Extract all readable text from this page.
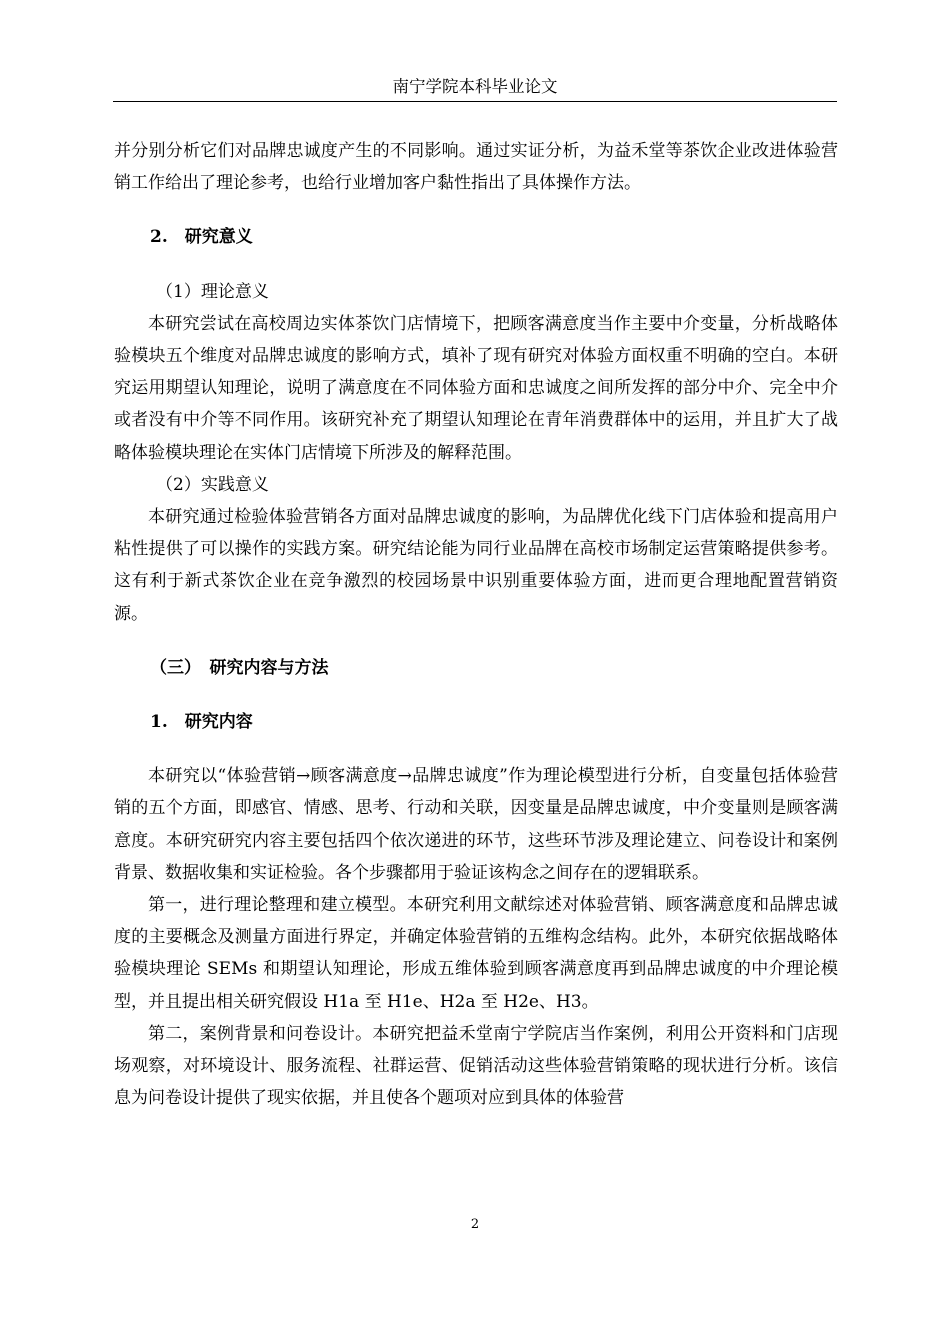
南宁学院本科毕业论文

并分别分析它们对品牌忠诚度产生的不同影响。通过实证分析，为益禾堂等茶饮企业改进体验营销工作给出了理论参考，也给行业增加客户黏性指出了具体操作方法。

2.　研究意义

（1）理论意义

本研究尝试在高校周边实体茶饮门店情境下，把顾客满意度当作主要中介变量，分析战略体验模块五个维度对品牌忠诚度的影响方式，填补了现有研究对体验方面权重不明确的空白。本研究运用期望认知理论，说明了满意度在不同体验方面和忠诚度之间所发挥的部分中介、完全中介或者没有中介等不同作用。该研究补充了期望认知理论在青年消费群体中的运用，并且扩大了战略体验模块理论在实体门店情境下所涉及的解释范围。

（2）实践意义

本研究通过检验体验营销各方面对品牌忠诚度的影响，为品牌优化线下门店体验和提高用户粘性提供了可以操作的实践方案。研究结论能为同行业品牌在高校市场制定运营策略提供参考。这有利于新式茶饮企业在竞争激烈的校园场景中识别重要体验方面，进而更合理地配置营销资源。

（三）　研究内容与方法

1.　研究内容

本研究以“体验营销→顾客满意度→品牌忠诚度”作为理论模型进行分析，自变量包括体验营销的五个方面，即感官、情感、思考、行动和关联，因变量是品牌忠诚度，中介变量则是顾客满意度。本研究研究内容主要包括四个依次递进的环节，这些环节涉及理论建立、问卷设计和案例背景、数据收集和实证检验。各个步骤都用于验证该构念之间存在的逻辑联系。

第一，进行理论整理和建立模型。本研究利用文献综述对体验营销、顾客满意度和品牌忠诚度的主要概念及测量方面进行界定，并确定体验营销的五维构念结构。此外，本研究依据战略体验模块理论 SEMs 和期望认知理论，形成五维体验到顾客满意度再到品牌忠诚度的中介理论模型，并且提出相关研究假设 H1a 至 H1e、H2a 至 H2e、H3。

第二，案例背景和问卷设计。本研究把益禾堂南宁学院店当作案例，利用公开资料和门店现场观察，对环境设计、服务流程、社群运营、促销活动这些体验营销策略的现状进行分析。该信息为问卷设计提供了现实依据，并且使各个题项对应到具体的体验营

2
